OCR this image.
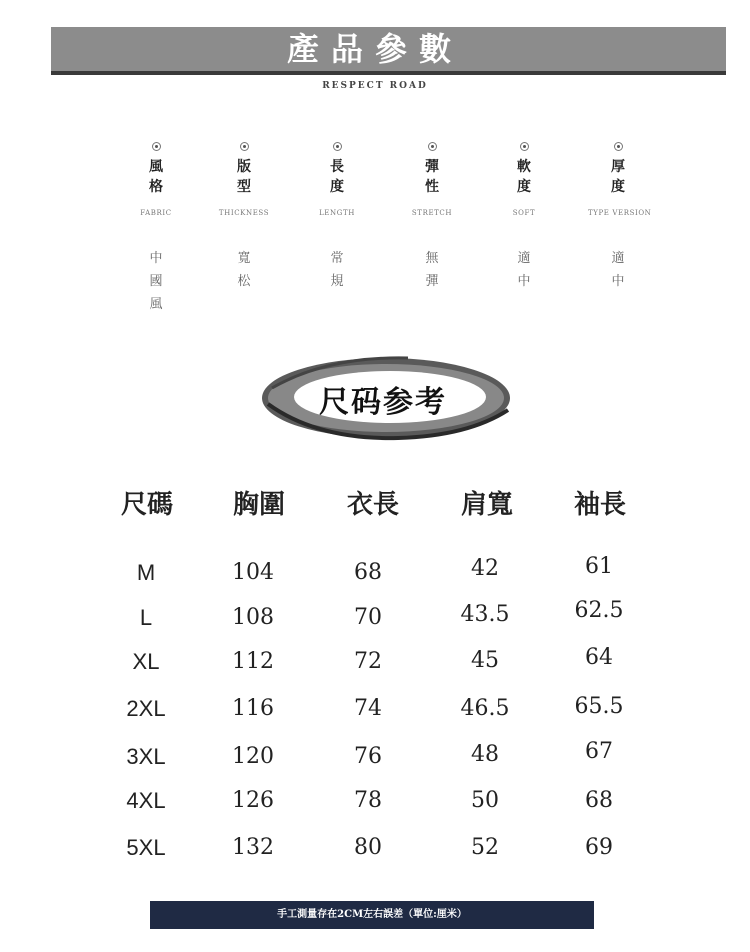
產品參數
RESPECT ROAD
風格
FABRIC
中國風
版型
THICKNESS
寬松
長度
LENGTH
常規
彈性
STRETCH
無彈
軟度
SOFT
適中
厚度
TYPE VERSION
適中
尺码参考
尺碼	胸圍	衣長	肩寬	袖長
M	104	68	42	61
L	108	70	43.5	62.5
XL	112	72	45	64
2XL	116	74	46.5	65.5
3XL	120	76	48	67
4XL	126	78	50	68
5XL	132	80	52	69
手工測量存在2CM左右誤差（單位:厘米）
